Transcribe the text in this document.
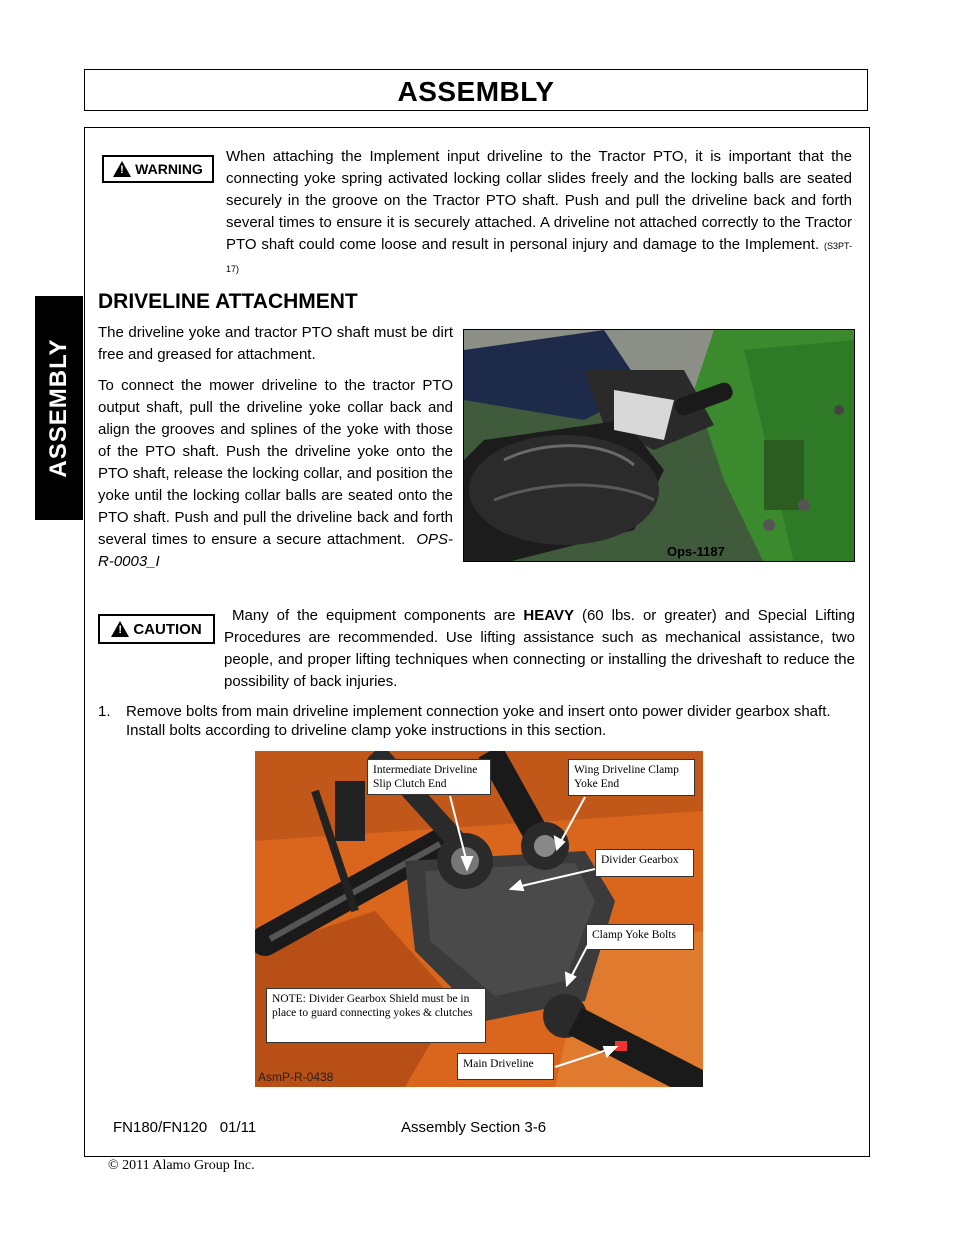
ASSEMBLY
ASSEMBLY
!
WARNING
When attaching the Implement input driveline to the Tractor PTO, it is important that the connecting yoke spring activated locking collar slides freely and the locking balls are seated securely in the groove on the Tractor PTO shaft. Push and pull the driveline back and forth several times to ensure it is securely attached. A driveline not attached correctly to the Tractor PTO shaft could come loose and result in personal injury and damage to the Implement. (S3PT-17)
DRIVELINE ATTACHMENT
The driveline yoke and tractor PTO shaft must be dirt free and greased for attachment.
To connect the mower driveline to the tractor PTO output shaft, pull the driveline yoke collar back and align the grooves and splines of the yoke with those of the PTO shaft. Push the driveline yoke onto the PTO shaft, release the locking collar, and position the yoke until the locking collar balls are seated onto the PTO shaft. Push and pull the driveline back and forth several times to ensure a secure attachment. OPS-R-0003_I
Ops-1187
!
CAUTION
Many of the equipment components are HEAVY (60 lbs. or greater) and Special Lifting Procedures are recommended. Use lifting assistance such as mechanical assistance, two people, and proper lifting techniques when connecting or installing the driveshaft to reduce the possibility of back injuries.
1. Remove bolts from main driveline implement connection yoke and insert onto power divider gearbox shaft. Install bolts according to driveline clamp yoke instructions in this section.
Intermediate Driveline Slip Clutch End
Wing Driveline Clamp Yoke End
Divider Gearbox
Clamp Yoke Bolts
NOTE: Divider Gearbox Shield must be in place to guard connecting yokes & clutches
Main Driveline
AsmP-R-0438
FN180/FN120 01/11	Assembly Section 3-6
© 2011 Alamo Group Inc.
